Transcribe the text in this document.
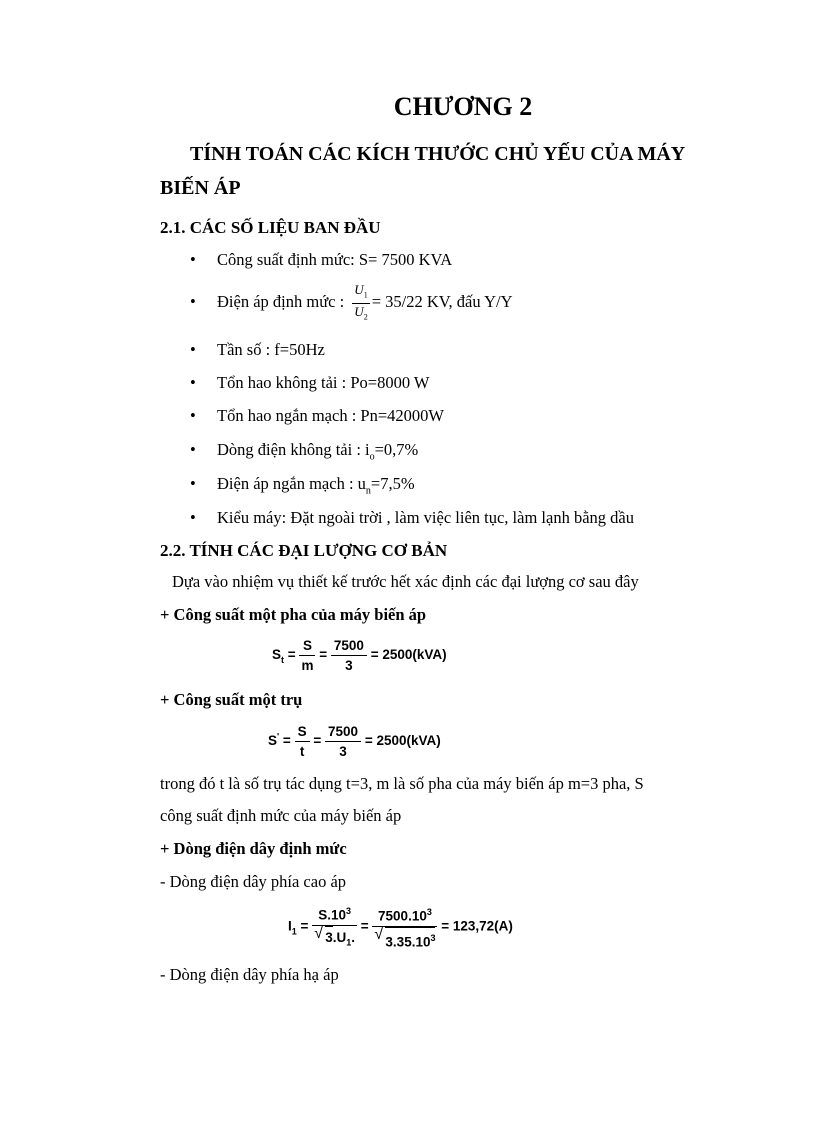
CHƯƠNG 2
TÍNH TOÁN CÁC KÍCH THƯỚC CHỦ YẾU CỦA MÁY
BIẾN ÁP
2.1. CÁC SỐ LIỆU BAN ĐẦU
• Công suất định mức: S= 7500 KVA
• Điện áp định mức : $\frac{U_1}{U_2} = 35/22$ KV, đấu Y/Y
• Tần số : f=50Hz
• Tổn hao không tải : Po=8000 W
• Tổn hao ngắn mạch : Pn=42000W
• Dòng điện không tải : $i_o=0,7\%$
• Điện áp ngắn mạch : $u_n=7,5\%$
• Kiểu máy: Đặt ngoài trời , làm việc liên tục, làm lạnh bằng dầu
2.2. TÍNH CÁC ĐẠI LƯỢNG CƠ BẢN
Dựa vào nhiệm vụ thiết kế trước hết xác định các đại lượng cơ sau đây
+ Công suất một pha của máy biến áp
$S_t = \frac{S}{m} = \frac{7500}{3} = 2500(kVA)$
+ Công suất một trụ
$S' = \frac{S}{t} = \frac{7500}{3} = 2500(kVA)$
trong đó t là số trụ tác dụng t=3, m là số pha của máy biến áp m=3 pha, S
công suất định mức của máy biến áp
+ Dòng điện dây định mức
- Dòng điện dây phía cao áp
$I_1 = S.10^3$
√ $3.U_1$. = $7500.10^3$
√ $3.35.10^3 = 123,72(A)$
- Dòng điện dây phía hạ áp
